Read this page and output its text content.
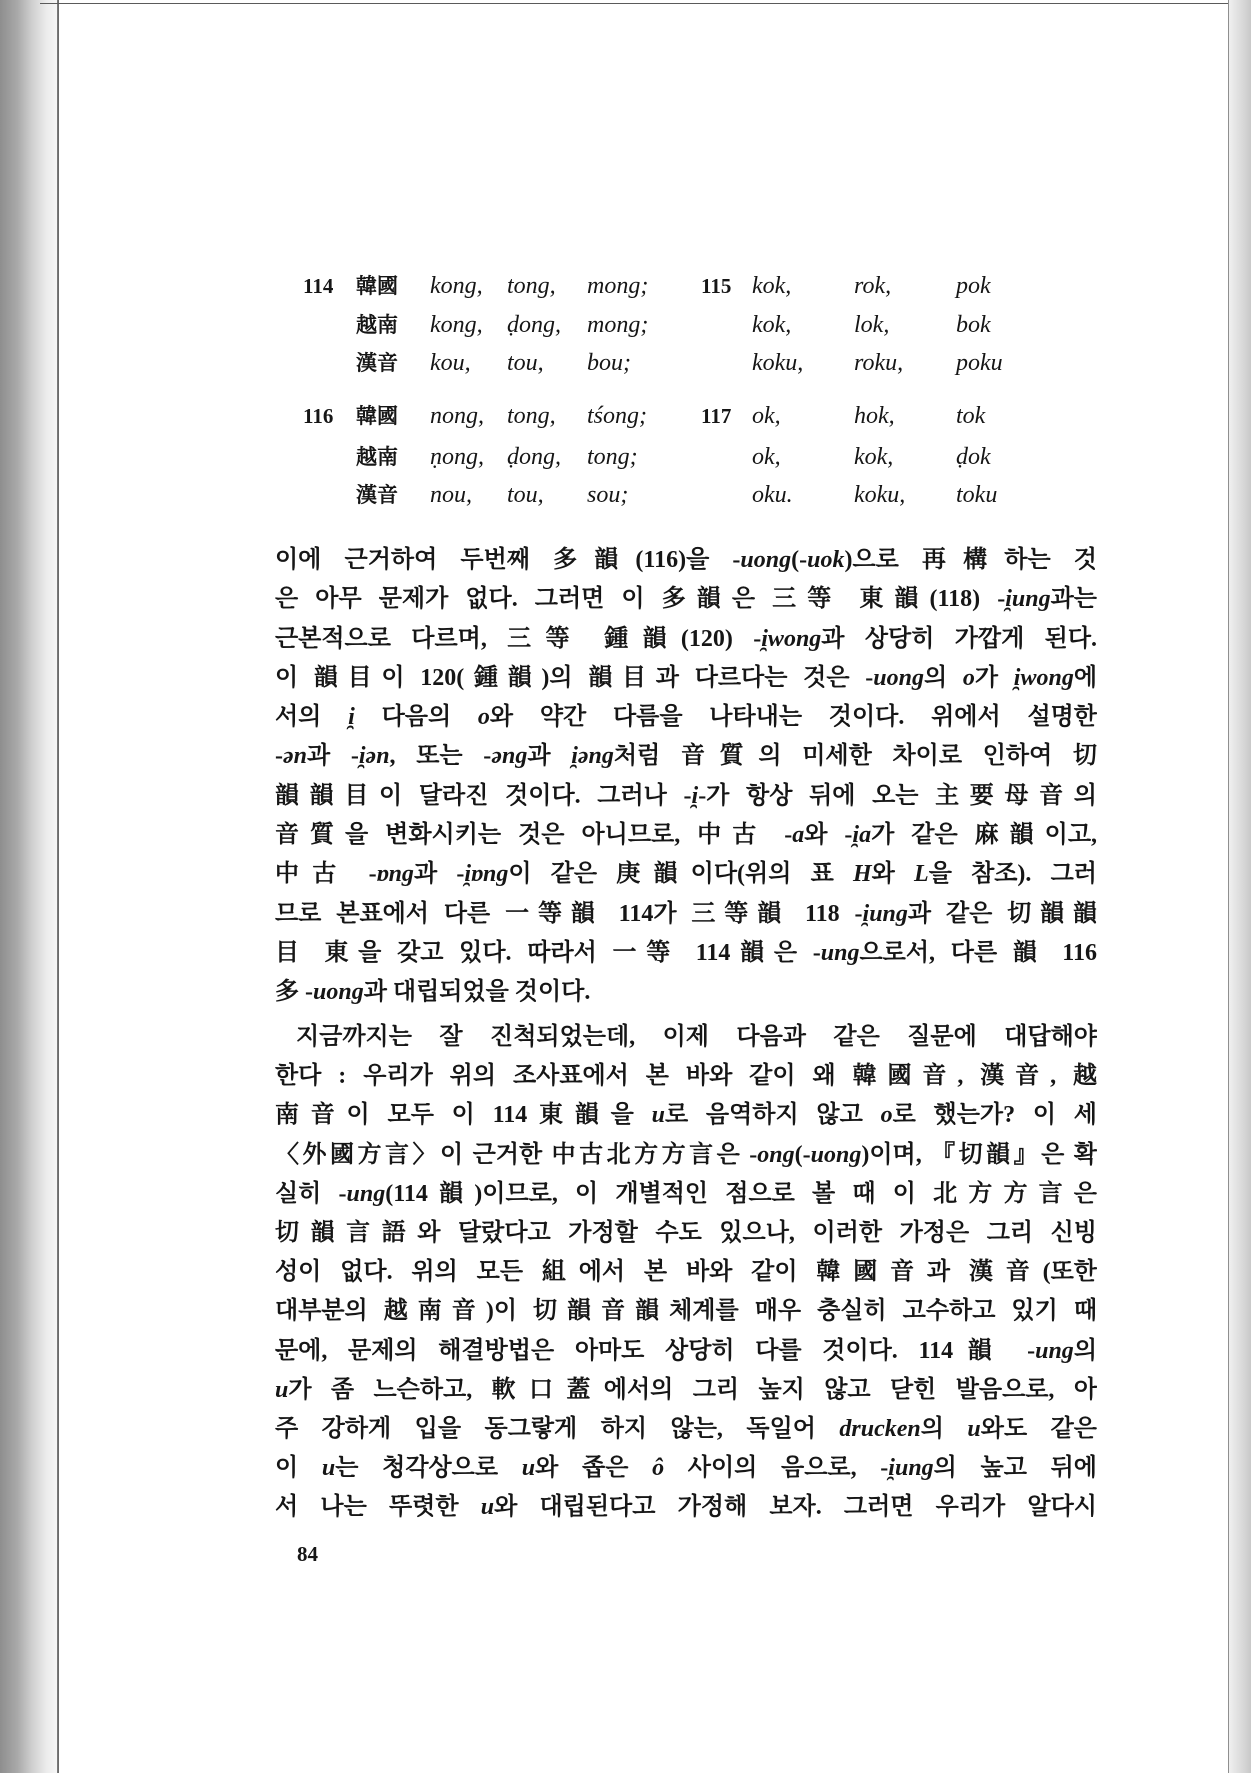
114 韓國 kong, tong, mong;	115 kok,	rok,	pok
越南 kong, ḍong, mong;	kok,	lok,	bok
漢音 kou, tou, bou;	koku, roku, poku
116 韓國 nong, tong, tśong;	117 ok,	hok,	tok
越南 ṇong, ḍong, tong;	ok,	kok,	ḍok
漢音 nou, tou, sou;	oku.	koku, toku
이에 근거하여 두번째 多韻(116)을 -uong(-uok)으로 再構하는 것
은 아무 문제가 없다. 그러면 이 多韻은 三等 東韻(118) -i̯ung과는
근본적으로 다르며, 三等 鍾韻(120) -i̯wong과 상당히 가깝게 된다.
이 韻目이 120(鍾韻)의 韻目과 다르다는 것은 -uong의 o가 i̯wong에
서의 i̯ 다음의 o와 약간 다름을 나타내는 것이다. 위에서 설명한
-ən과 -i̯ən, 또는 -əng과 i̯əng처럼 音質의 미세한 차이로 인하여 切
韻韻目이 달라진 것이다. 그러나 -i̯-가 항상 뒤에 오는 主要母音의
音質을 변화시키는 것은 아니므로, 中古 -a와 -i̯a가 같은 麻韻이고,
中古 -ɒng과 -i̯ɒng이 같은 庚韻이다(위의 표 H와 L을 참조). 그러
므로 본표에서 다른 一等韻 114가 三等韻 118 -i̯ung과 같은 切韻韻
目 東을 갖고 있다. 따라서 一等 114韻은 -ung으로서, 다른 韻 116
多 -uong과 대립되었을 것이다.
지금까지는 잘 진척되었는데, 이제 다음과 같은 질문에 대답해야
한다 : 우리가 위의 조사표에서 본 바와 같이 왜 韓國音, 漢音, 越
南音이 모두 이 114東韻을 u로 음역하지 않고 o로 했는가? 이 세
〈外國方言〉이 근거한 中古北方方言은 -ong(-uong)이며, 『切韻』은 확
실히 -ung(114韻)이므로, 이 개별적인 점으로 볼 때 이 北方方言은
切韻言語와 달랐다고 가정할 수도 있으나, 이러한 가정은 그리 신빙
성이 없다. 위의 모든 組에서 본 바와 같이 韓國音과 漢音(또한
대부분의 越南音)이 切韻音韻체계를 매우 충실히 고수하고 있기 때
문에, 문제의 해결방법은 아마도 상당히 다를 것이다. 114韻 -ung의
u가 좀 느슨하고, 軟口蓋에서의 그리 높지 않고 닫힌 발음으로, 아
주 강하게 입을 동그랗게 하지 않는, 독일어 drucken의 u와도 같은
이 u는 청각상으로 u와 좁은 ô 사이의 음으로, -i̯ung의 높고 뒤에
서 나는 뚜렷한 u와 대립된다고 가정해 보자. 그러면 우리가 알다시
84
